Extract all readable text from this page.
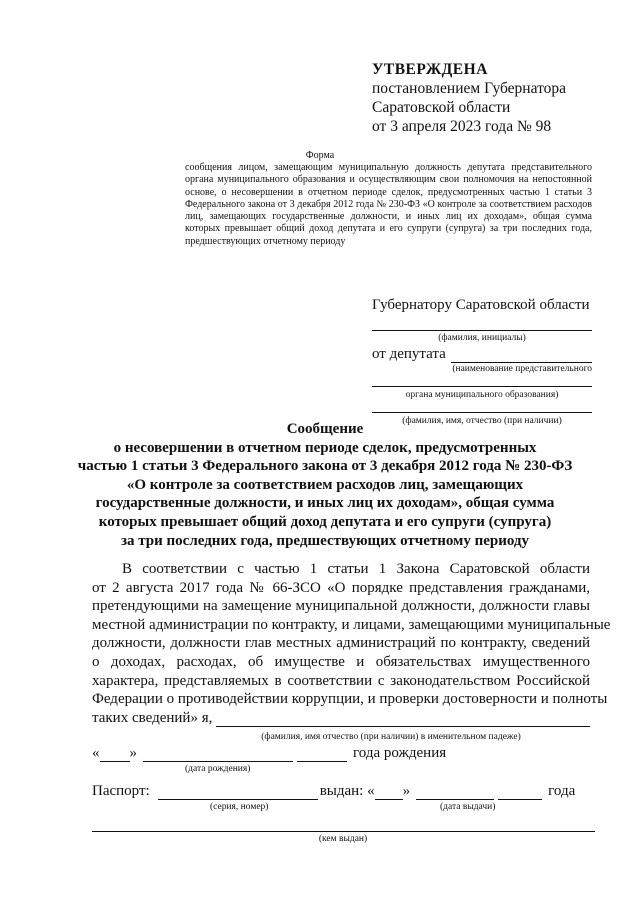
УТВЕРЖДЕНА
постановлением Губернатора
Саратовской области
от 3 апреля 2023 года № 98
Форма
сообщения лицом, замещающим муниципальную должность депутата представительного органа муниципального образования и осуществляющим свои полномочия на непостоянной основе, о несовершении в отчетном периоде сделок, предусмотренных частью 1 статьи 3 Федерального закона от 3 декабря 2012 года № 230-ФЗ «О контроле за соответствием расходов лиц, замещающих государственные должности, и иных лиц их доходам», общая сумма которых превышает общий доход депутата и его супруги (супруга) за три последних года, предшествующих отчетному периоду
Губернатору Саратовской области
(фамилия, инициалы)
от депутата
(наименование представительного
органа муниципального образования)
(фамилия, имя, отчество (при наличии)
Сообщение
о несовершении в отчетном периоде сделок, предусмотренных
частью 1 статьи 3 Федерального закона от 3 декабря 2012 года № 230-ФЗ
«О контроле за соответствием расходов лиц, замещающих
государственные должности, и иных лиц их доходам», общая сумма
которых превышает общий доход депутата и его супруги (супруга)
за три последних года, предшествующих отчетному периоду
В соответствии с частью 1 статьи 1 Закона Саратовской области
от 2 августа 2017 года № 66-ЗСО «О порядке представления гражданами,
претендующими на замещение муниципальной должности, должности главы
местной администрации по контракту, и лицами, замещающими муниципальные
должности, должности глав местных администраций по контракту, сведений
о доходах, расходах, об имуществе и обязательствах имущественного
характера, представляемых в соответствии с законодательством Российской
Федерации о противодействии коррупции, и проверки достоверности и полноты
таких сведений» я,
(фамилия, имя отчество (при наличии) в именительном падеже)
« »	года рождения
(дата рождения)
Паспорт:	выдан: « »	года
(серия, номер)	(дата выдачи)
(кем выдан)
